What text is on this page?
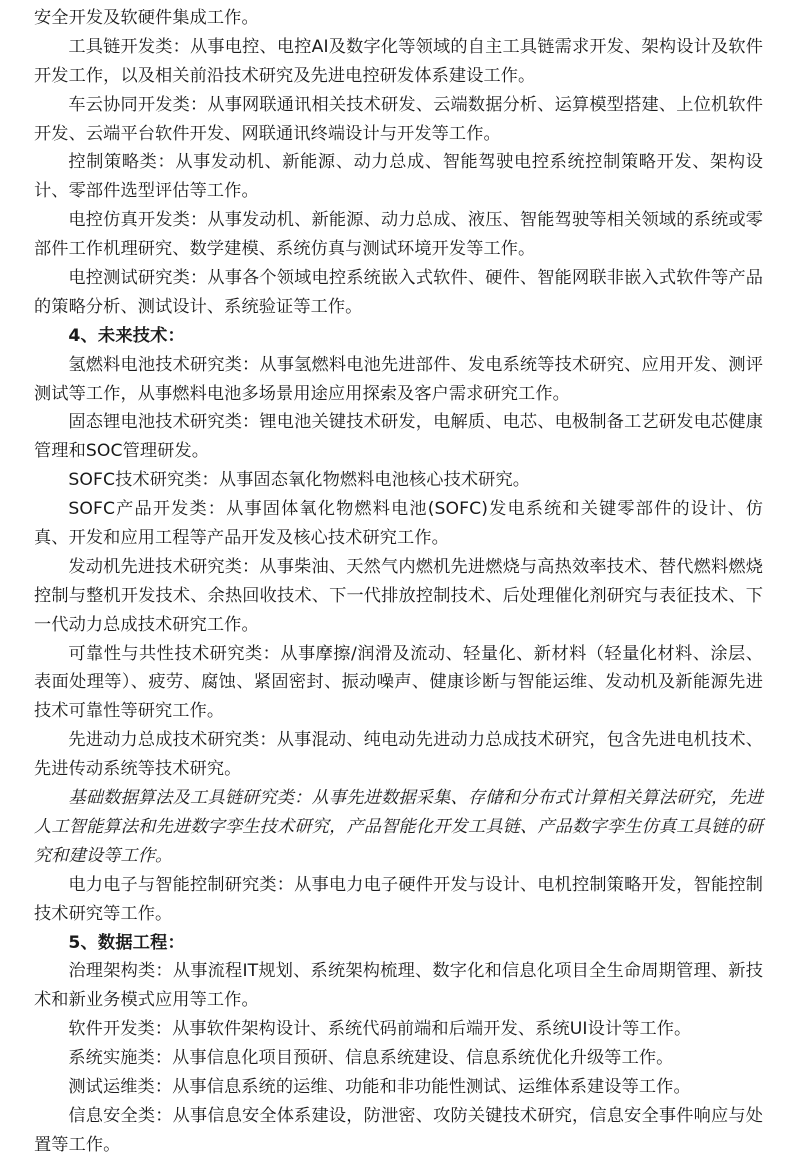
安全开发及软硬件集成工作。

工具链开发类：从事电控、电控AI及数字化等领域的自主工具链需求开发、架构设计及软件开发工作，以及相关前沿技术研究及先进电控研发体系建设工作。

车云协同开发类：从事网联通讯相关技术研发、云端数据分析、运算模型搭建、上位机软件开发、云端平台软件开发、网联通讯终端设计与开发等工作。

控制策略类：从事发动机、新能源、动力总成、智能驾驶电控系统控制策略开发、架构设计、零部件选型评估等工作。

电控仿真开发类：从事发动机、新能源、动力总成、液压、智能驾驶等相关领域的系统或零部件工作机理研究、数学建模、系统仿真与测试环境开发等工作。

电控测试研究类：从事各个领域电控系统嵌入式软件、硬件、智能网联非嵌入式软件等产品的策略分析、测试设计、系统验证等工作。

4、未来技术：

氢燃料电池技术研究类：从事氢燃料电池先进部件、发电系统等技术研究、应用开发、测评测试等工作，从事燃料电池多场景用途应用探索及客户需求研究工作。

固态锂电池技术研究类：锂电池关键技术研发，电解质、电芯、电极制备工艺研发电芯健康管理和SOC管理研发。

SOFC技术研究类：从事固态氧化物燃料电池核心技术研究。

SOFC产品开发类：从事固体氧化物燃料电池(SOFC)发电系统和关键零部件的设计、仿真、开发和应用工程等产品开发及核心技术研究工作。

发动机先进技术研究类：从事柴油、天然气内燃机先进燃烧与高热效率技术、替代燃料燃烧控制与整机开发技术、余热回收技术、下一代排放控制技术、后处理催化剂研究与表征技术、下一代动力总成技术研究工作。

可靠性与共性技术研究类：从事摩擦/润滑及流动、轻量化、新材料（轻量化材料、涂层、表面处理等）、疲劳、腐蚀、紧固密封、振动噪声、健康诊断与智能运维、发动机及新能源先进技术可靠性等研究工作。

先进动力总成技术研究类：从事混动、纯电动先进动力总成技术研究，包含先进电机技术、先进传动系统等技术研究。

基础数据算法及工具链研究类：从事先进数据采集、存储和分布式计算相关算法研究，先进人工智能算法和先进数字孪生技术研究，产品智能化开发工具链、产品数字孪生仿真工具链的研究和建设等工作。

电力电子与智能控制研究类：从事电力电子硬件开发与设计、电机控制策略开发，智能控制技术研究等工作。

5、数据工程：

治理架构类：从事流程IT规划、系统架构梳理、数字化和信息化项目全生命周期管理、新技术和新业务模式应用等工作。

软件开发类：从事软件架构设计、系统代码前端和后端开发、系统UI设计等工作。

系统实施类：从事信息化项目预研、信息系统建设、信息系统优化升级等工作。

测试运维类：从事信息系统的运维、功能和非功能性测试、运维体系建设等工作。

信息安全类：从事信息安全体系建设，防泄密、攻防关键技术研究，信息安全事件响应与处置等工作。
